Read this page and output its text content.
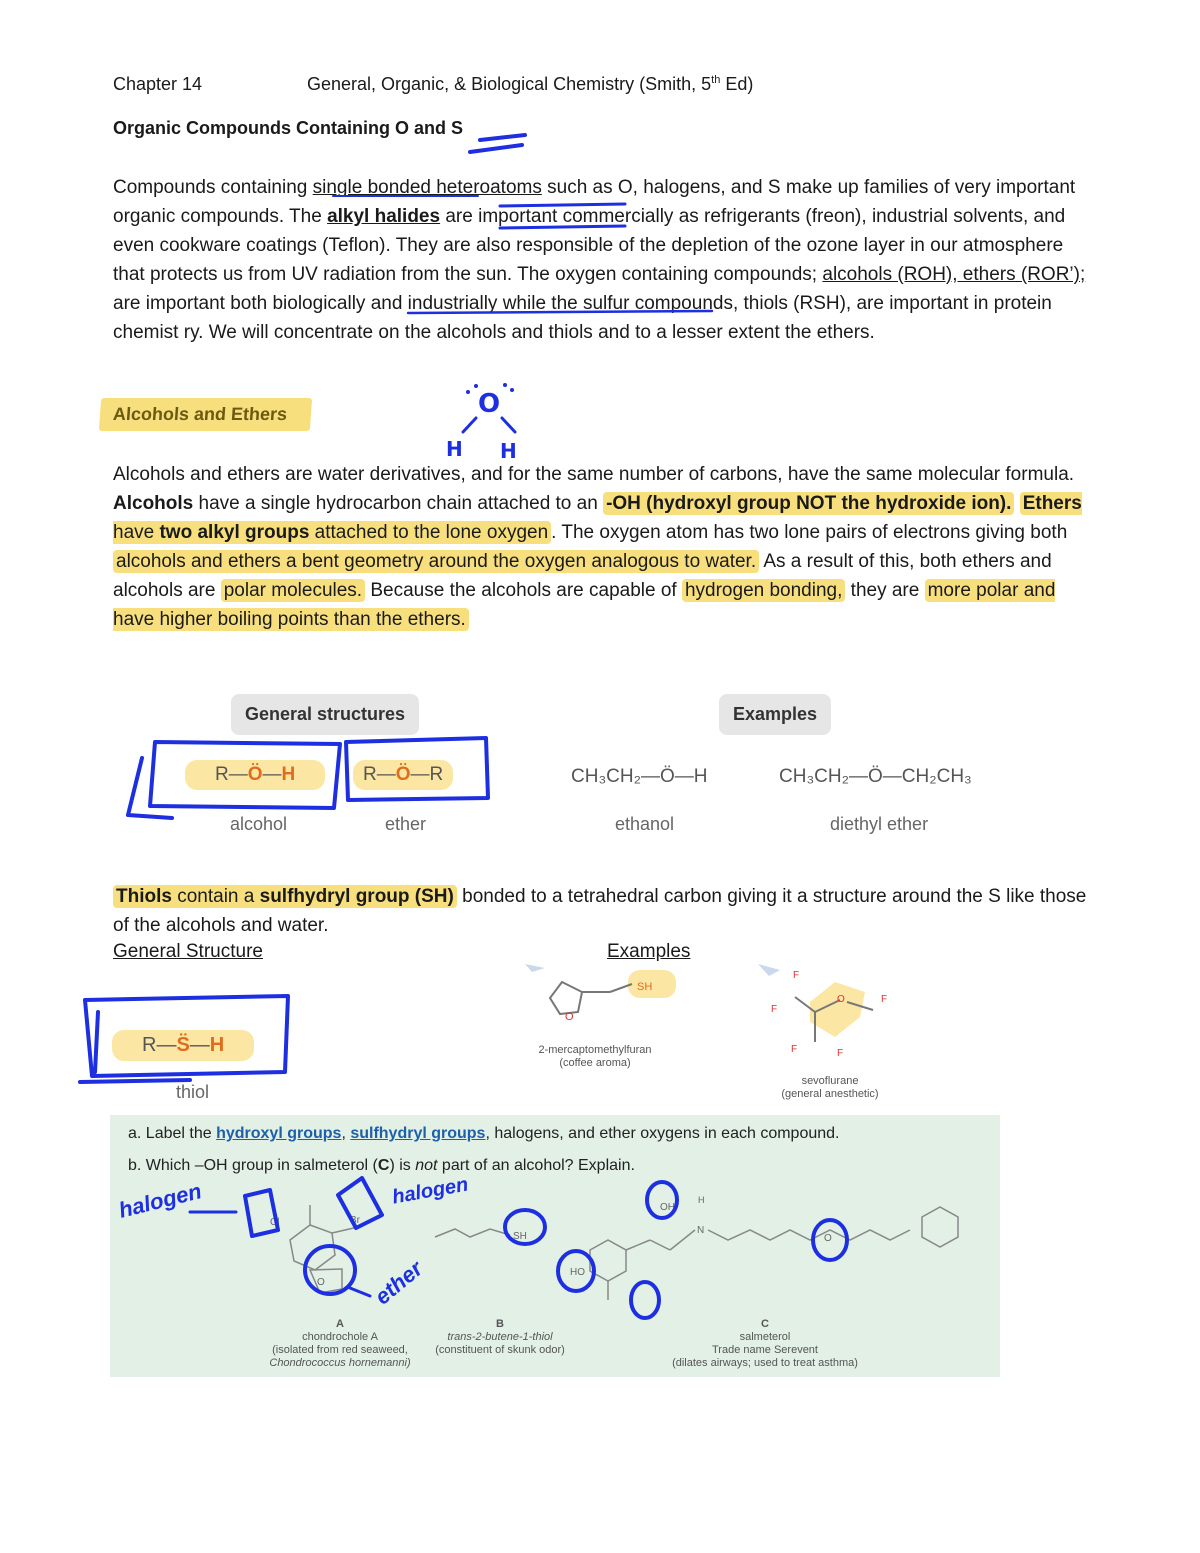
Chapter 14	General, Organic, & Biological Chemistry (Smith, 5th Ed)
Organic Compounds Containing O and S
Compounds containing single bonded heteroatoms such as O, halogens, and S make up families of very important organic compounds. The alkyl halides are important commercially as refrigerants (freon), industrial solvents, and even cookware coatings (Teflon). They are also responsible of the depletion of the ozone layer in our atmosphere that protects us from UV radiation from the sun. The oxygen containing compounds; alcohols (ROH), ethers (ROR’); are important both biologically and industrially while the sulfur compounds, thiols (RSH), are important in protein chemist ry. We will concentrate on the alcohols and thiols and to a lesser extent the ethers.
Alcohols and Ethers
Alcohols and ethers are water derivatives, and for the same number of carbons, have the same molecular formula. Alcohols have a single hydrocarbon chain attached to an -OH (hydroxyl group NOT the hydroxide ion). Ethers have two alkyl groups attached to the lone oxygen . The oxygen atom has two lone pairs of electrons giving both alcohols and ethers a bent geometry around the oxygen analogous to water. As a result of this, both ethers and alcohols are polar molecules. Because the alcohols are capable of hydrogen bonding, they are more polar and have higher boiling points than the ethers.
General structures	Examples
R—Ö—H	R—Ö—R
alcohol	ether
CH₃CH₂—Ö—H
ethanol
CH₃CH₂—Ö—CH₂CH₃
diethyl ether
Thiols contain a sulfhydryl group (SH) bonded to a tetrahedral carbon giving it a structure around the S like those of the alcohols and water.
General Structure	Examples
R—S̈—H
thiol
SH
O
2-mercaptomethylfuran
(coffee aroma)
O
F
F
F
F	F
sevoflurane
(general anesthetic)
a. Label the hydroxyl groups, sulfhydryl groups, halogens, and ether oxygens in each compound.
b. Which –OH group in salmeterol (C) is not part of an alcohol? Explain.
Cl	Br
O
SH
HO
OH
H
N
O
A
chondrochole A
(isolated from red seaweed,
Chondrococcus hornemanni)
B
trans-2-butene-1-thiol
(constituent of skunk odor)
C
salmeterol
Trade name Serevent
(dilates airways; used to treat asthma)
O
H H
halogen	halogen
ether
